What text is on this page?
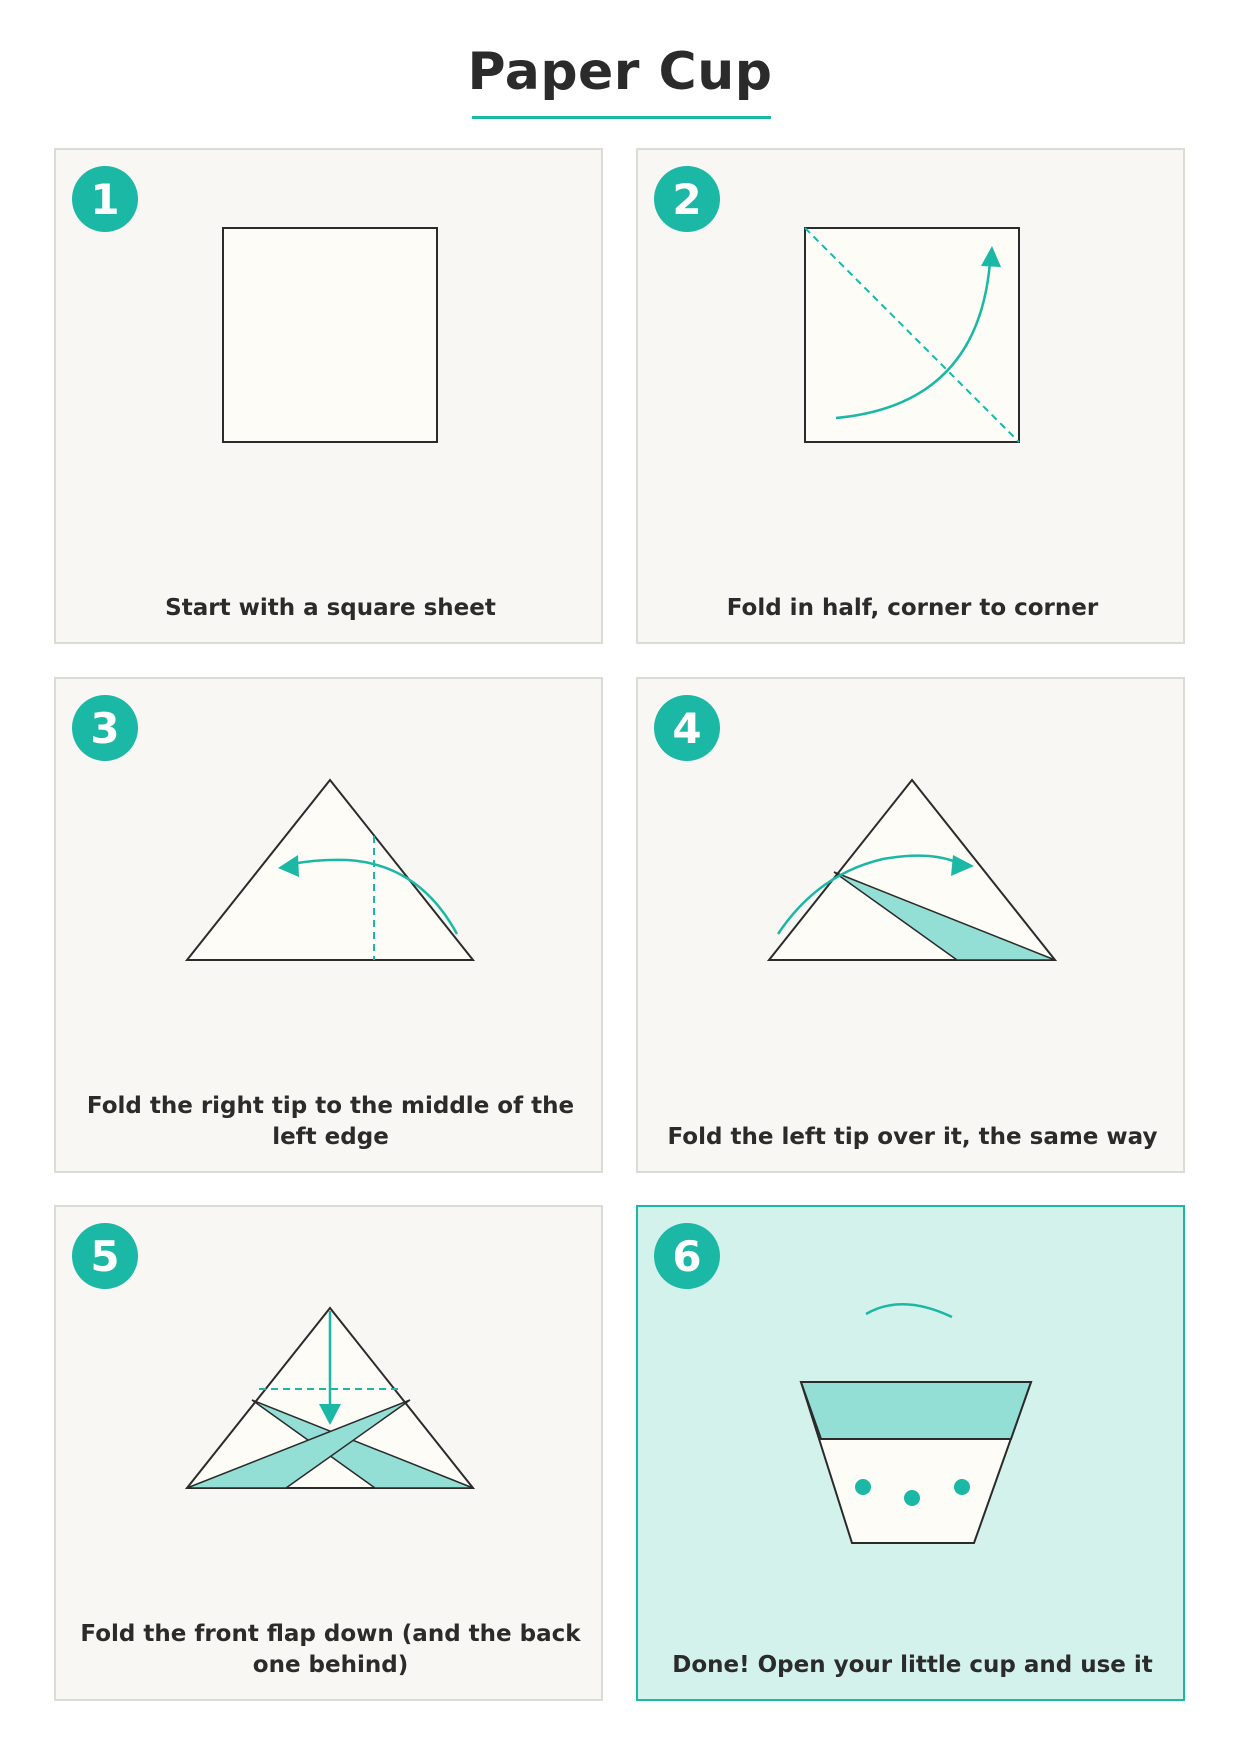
Paper Cup
1
Start with a square sheet
2
Fold in half, corner to corner
3
Fold the right tip to the middle of the left edge
4
Fold the left tip over it, the same way
5
Fold the front flap down (and the back one behind)
6
Done! Open your little cup and use it
